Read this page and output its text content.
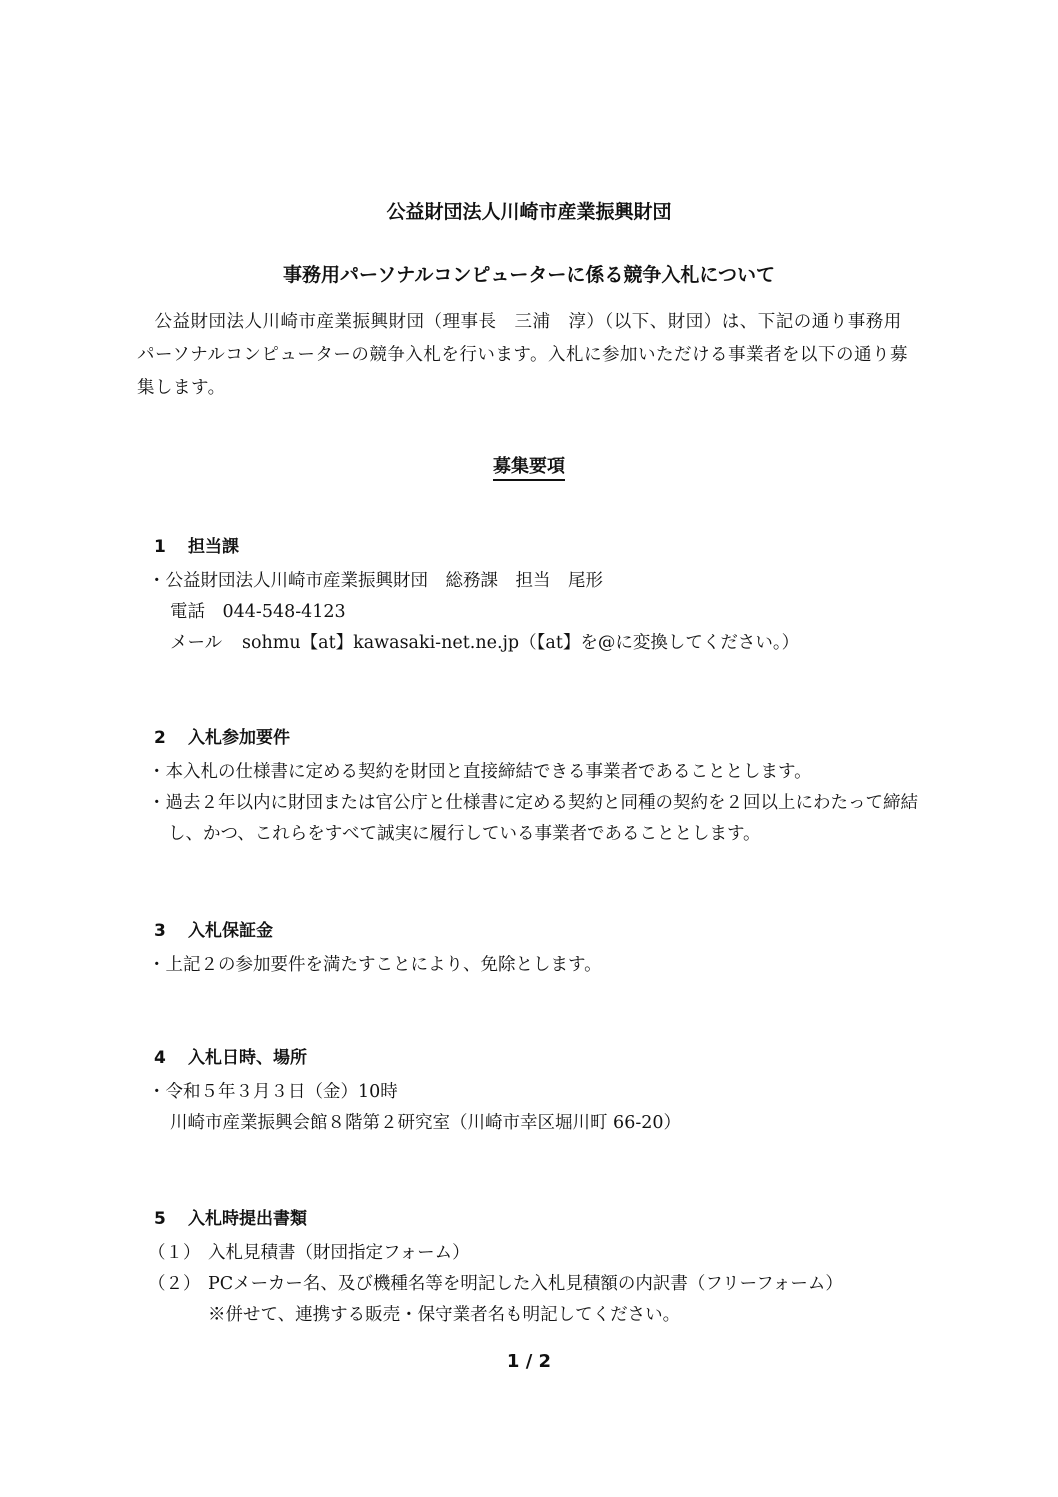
公益財団法人川崎市産業振興財団
事務用パーソナルコンピューターに係る競争入札について

公益財団法人川崎市産業振興財団（理事長　三浦　淳）（以下、財団）は、下記の通り事務用パーソナルコンピューターの競争入札を行います。入札に参加いただける事業者を以下の通り募集します。

募集要項
1 担当課
・公益財団法人川崎市産業振興財団　総務課　担当　尾形
電話　044-548-4123
メール sohmu【at】kawasaki-net.ne.jp（【at】を@に変換してください。）
2 入札参加要件
・本入札の仕様書に定める契約を財団と直接締結できる事業者であることとします。
・過去２年以内に財団または官公庁と仕様書に定める契約と同種の契約を２回以上にわたって締結し、かつ、これらをすべて誠実に履行している事業者であることとします。
3 入札保証金
・上記２の参加要件を満たすことにより、免除とします。
4 入札日時、場所
・令和５年３月３日（金）10時
川崎市産業振興会館８階第２研究室（川崎市幸区堀川町 66-20）
5 入札時提出書類
（１） 入札見積書（財団指定フォーム）
（２） PCメーカー名、及び機種名等を明記した入札見積額の内訳書（フリーフォーム）
※併せて、連携する販売・保守業者名も明記してください。
1 / 2
